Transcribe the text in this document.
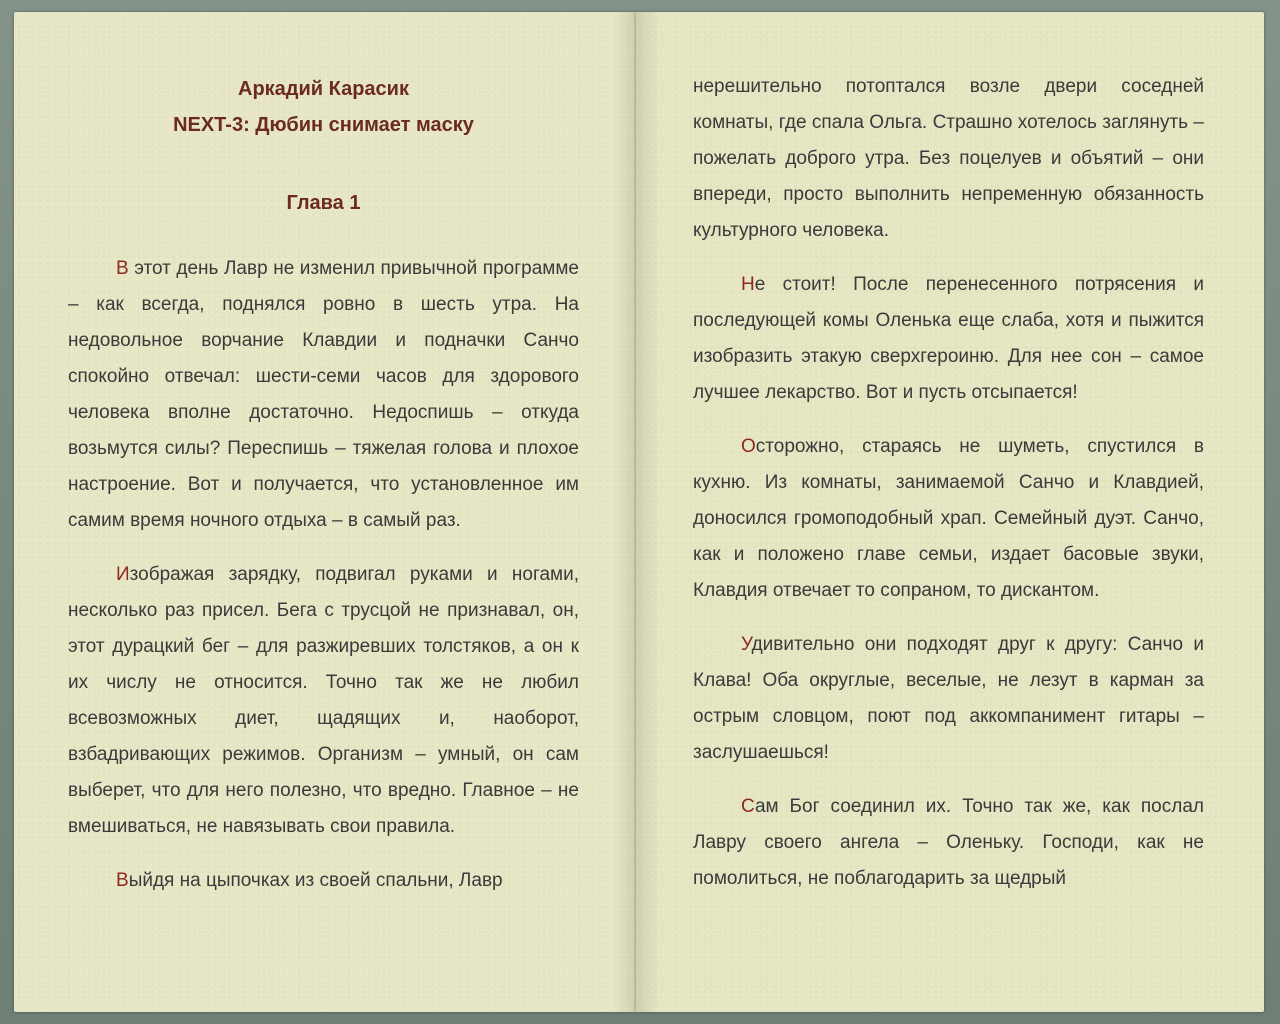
Аркадий Карасик
NEXT-3: Дюбин снимает маску
Глава 1

В этот день Лавр не изменил привычной программе – как всегда, поднялся ровно в шесть утра. На недовольное ворчание Клавдии и подначки Санчо спокойно отвечал: шести-семи часов для здорового человека вполне достаточно. Недоспишь – откуда возьмутся силы? Переспишь – тяжелая голова и плохое настроение. Вот и получается, что установленное им самим время ночного отдыха – в самый раз.

Изображая зарядку, подвигал руками и ногами, несколько раз присел. Бега с трусцой не признавал, он, этот дурацкий бег – для разжиревших толстяков, а он к их числу не относится. Точно так же не любил всевозможных диет, щадящих и, наоборот, взбадривающих режимов. Организм – умный, он сам выберет, что для него полезно, что вредно. Главное – не вмешиваться, не навязывать свои правила.

Выйдя на цыпочках из своей спальни, Лавр

нерешительно потоптался возле двери соседней комнаты, где спала Ольга. Страшно хотелось заглянуть – пожелать доброго утра. Без поцелуев и объятий – они впереди, просто выполнить непременную обязанность культурного человека.

Не стоит! После перенесенного потрясения и последующей комы Оленька еще слаба, хотя и пыжится изобразить этакую сверхгероиню. Для нее сон – самое лучшее лекарство. Вот и пусть отсыпается!

Осторожно, стараясь не шуметь, спустился в кухню. Из комнаты, занимаемой Санчо и Клавдией, доносился громоподобный храп. Семейный дуэт. Санчо, как и положено главе семьи, издает басовые звуки, Клавдия отвечает то сопраном, то дискантом.

Удивительно они подходят друг к другу: Санчо и Клава! Оба округлые, веселые, не лезут в карман за острым словцом, поют под аккомпанимент гитары – заслушаешься!

Сам Бог соединил их. Точно так же, как послал Лавру своего ангела – Оленьку. Господи, как не помолиться, не поблагодарить за щедрый
